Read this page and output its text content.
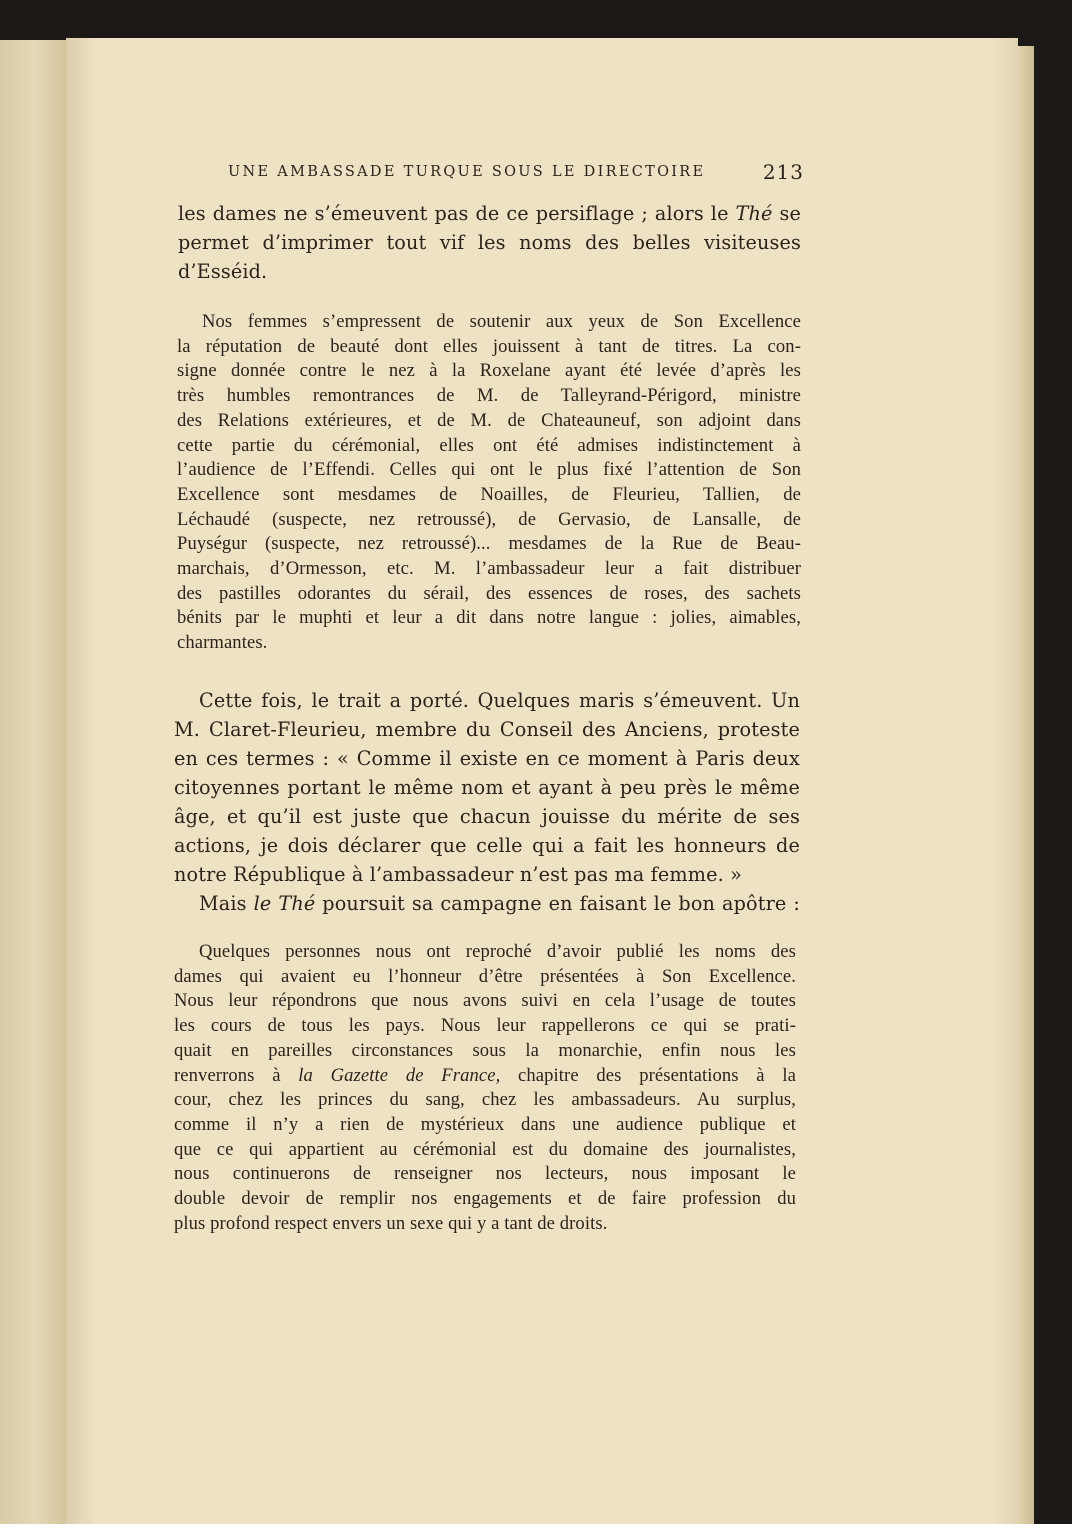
UNE AMBASSADE TURQUE SOUS LE DIRECTOIRE	213
les dames ne s’émeuvent pas de ce persiflage ; alors le Thé se
permet d’imprimer tout vif les noms des belles visiteuses
d’Esséid.
Nos femmes s’empressent de soutenir aux yeux de Son Excellence
la réputation de beauté dont elles jouissent à tant de titres. La con-
signe donnée contre le nez à la Roxelane ayant été levée d’après les
très humbles remontrances de M. de Talleyrand-Périgord, ministre
des Relations extérieures, et de M. de Chateauneuf, son adjoint dans
cette partie du cérémonial, elles ont été admises indistinctement à
l’audience de l’Effendi. Celles qui ont le plus fixé l’attention de Son
Excellence sont mesdames de Noailles, de Fleurieu, Tallien, de
Léchaudé (suspecte, nez retroussé), de Gervasio, de Lansalle, de
Puységur (suspecte, nez retroussé)... mesdames de la Rue de Beau-
marchais, d’Ormesson, etc. M. l’ambassadeur leur a fait distribuer
des pastilles odorantes du sérail, des essences de roses, des sachets
bénits par le muphti et leur a dit dans notre langue : jolies, aimables,
charmantes.
Cette fois, le trait a porté. Quelques maris s’émeuvent. Un
M. Claret-Fleurieu, membre du Conseil des Anciens, proteste
en ces termes : « Comme il existe en ce moment à Paris deux
citoyennes portant le même nom et ayant à peu près le même
âge, et qu’il est juste que chacun jouisse du mérite de ses
actions, je dois déclarer que celle qui a fait les honneurs de
notre République à l’ambassadeur n’est pas ma femme. »
Mais le Thé poursuit sa campagne en faisant le bon apôtre :
Quelques personnes nous ont reproché d’avoir publié les noms des
dames qui avaient eu l’honneur d’être présentées à Son Excellence.
Nous leur répondrons que nous avons suivi en cela l’usage de toutes
les cours de tous les pays. Nous leur rappellerons ce qui se prati-
quait en pareilles circonstances sous la monarchie, enfin nous les
renverrons à la Gazette de France, chapitre des présentations à la
cour, chez les princes du sang, chez les ambassadeurs. Au surplus,
comme il n’y a rien de mystérieux dans une audience publique et
que ce qui appartient au cérémonial est du domaine des journalistes,
nous continuerons de renseigner nos lecteurs, nous imposant le
double devoir de remplir nos engagements et de faire profession du
plus profond respect envers un sexe qui y a tant de droits.
